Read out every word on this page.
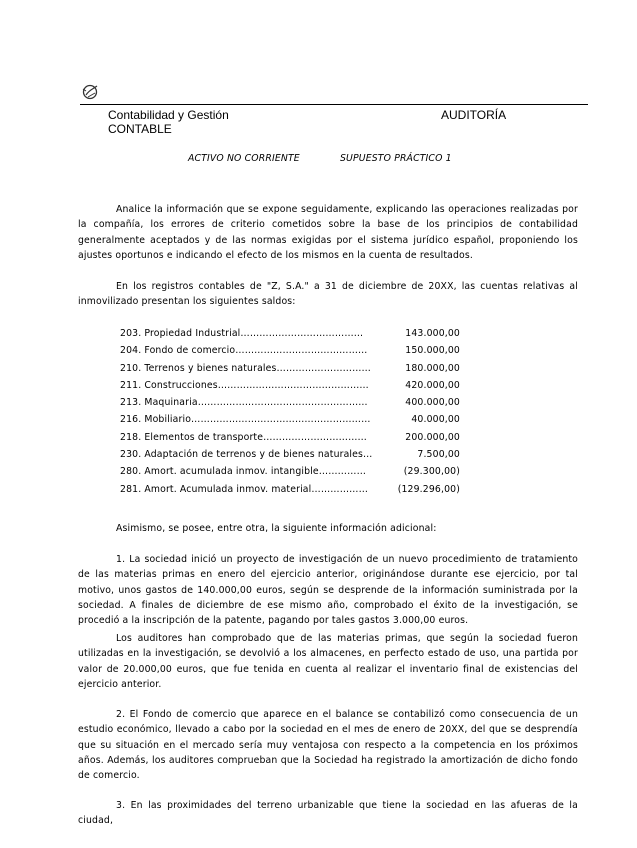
Contabilidad y Gestión
CONTABLE
AUDITORÍA
ACTIVO NO CORRIENTE	SUPUESTO PRÁCTICO 1

Analice la información que se expone seguidamente, explicando las operaciones realizadas por la compañía, los errores de criterio cometidos sobre la base de los principios de contabilidad generalmente aceptados y de las normas exigidas por el sistema jurídico español, proponiendo los ajustes oportunos e indicando el efecto de los mismos en la cuenta de resultados.

En los registros contables de "Z, S.A." a 31 de diciembre de 20XX, las cuentas relativas al inmovilizado presentan los siguientes saldos:

203. Propiedad Industrial…………………………………	143.000,00
204. Fondo de comercio……………………………………	150.000,00
210. Terrenos y bienes naturales…………………………	180.000,00
211. Construcciones…………………………………………	420.000,00
213. Maquinaria………………………………………………	400.000,00
216. Mobiliario…………………………………………………	40.000,00
218. Elementos de transporte……………………………	200.000,00
230. Adaptación de terrenos y de bienes naturales…	7.500,00
280. Amort. acumulada inmov. intangible……………	(29.300,00)
281. Amort. Acumulada inmov. material………………	(129.296,00)

Asimismo, se posee, entre otra, la siguiente información adicional:

1. La sociedad inició un proyecto de investigación de un nuevo procedimiento de tratamiento de las materias primas en enero del ejercicio anterior, originándose durante ese ejercicio, por tal motivo, unos gastos de 140.000,00 euros, según se desprende de la información suministrada por la sociedad. A finales de diciembre de ese mismo año, comprobado el éxito de la investigación, se procedió a la inscripción de la patente, pagando por tales gastos 3.000,00 euros.

Los auditores han comprobado que de las materias primas, que según la sociedad fueron utilizadas en la investigación, se devolvió a los almacenes, en perfecto estado de uso, una partida por valor de 20.000,00 euros, que fue tenida en cuenta al realizar el inventario final de existencias del ejercicio anterior.

2. El Fondo de comercio que aparece en el balance se contabilizó como consecuencia de un estudio económico, llevado a cabo por la sociedad en el mes de enero de 20XX, del que se desprendía que su situación en el mercado sería muy ventajosa con respecto a la competencia en los próximos años. Además, los auditores comprueban que la Sociedad ha registrado la amortización de dicho fondo de comercio.

3. En las proximidades del terreno urbanizable que tiene la sociedad en las afueras de la ciudad,
